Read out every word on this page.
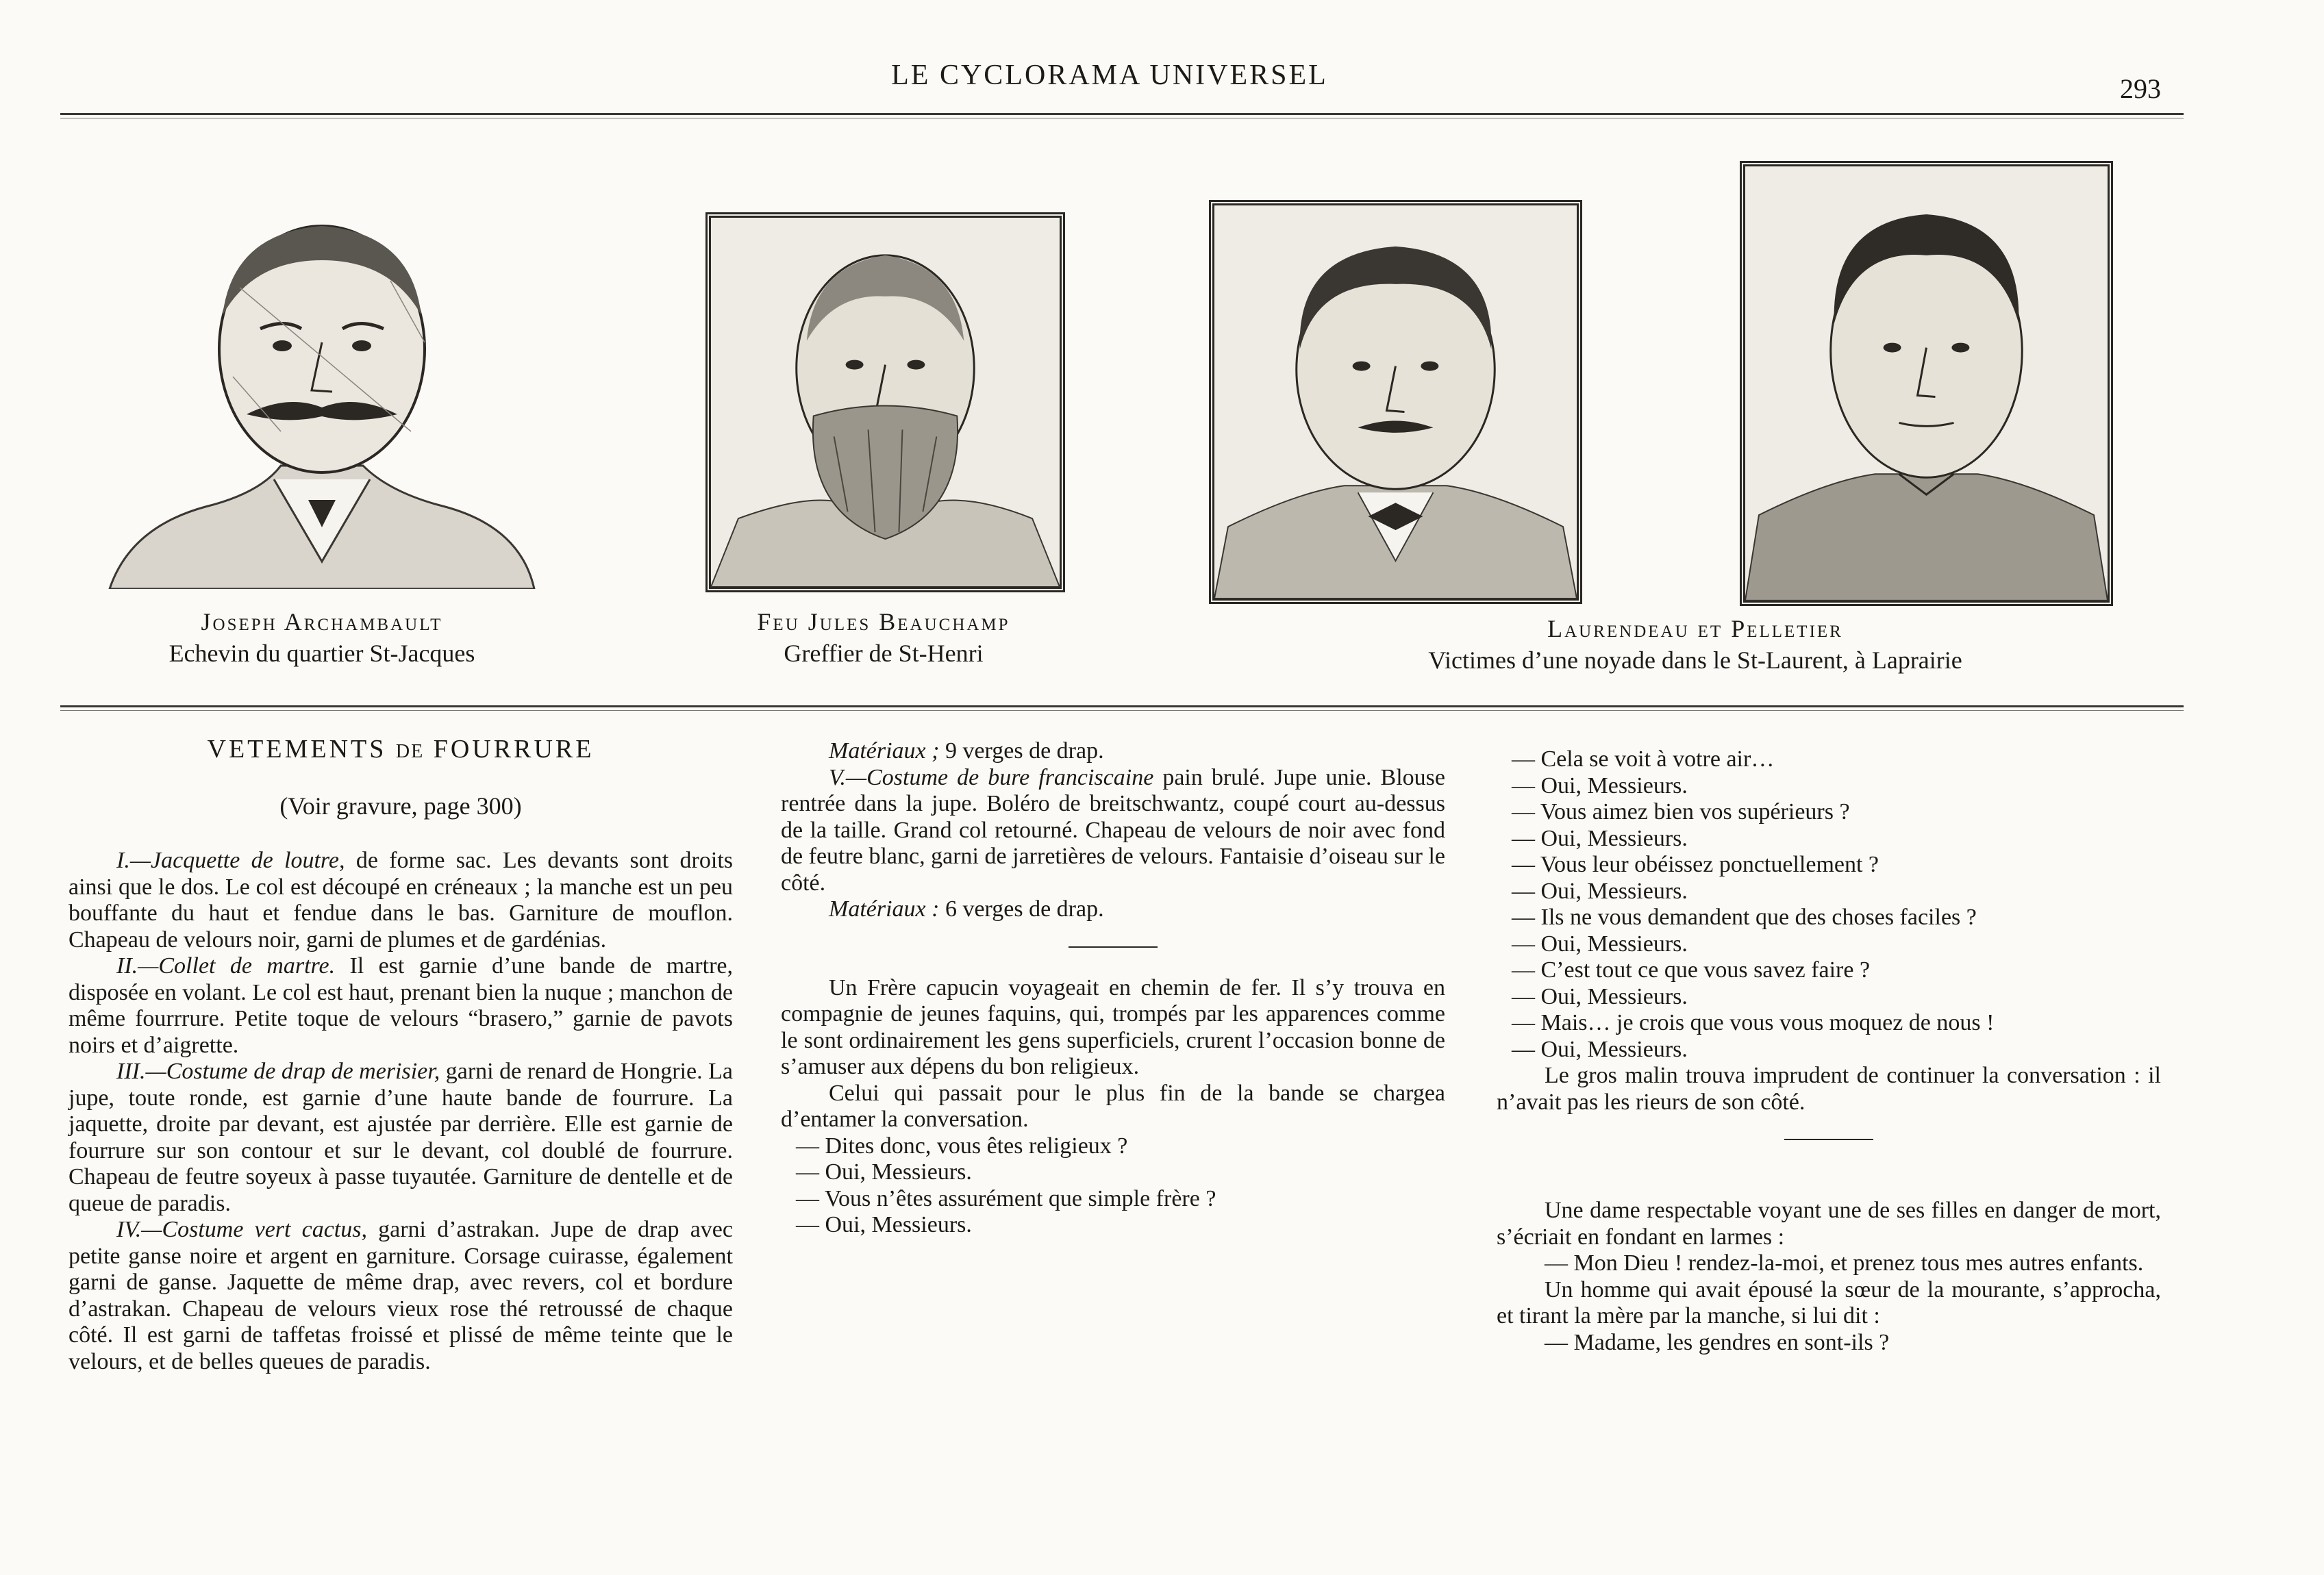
LE CYCLORAMA UNIVERSEL	293
Joseph Archambault
Echevin du quartier St-Jacques
Feu Jules Beauchamp
Greffier de St-Henri
Laurendeau et Pelletier
Victimes d’une noyade dans le St-Laurent, à Laprairie
VETEMENTS DE FOURRURE

(Voir gravure, page 300)

I.—Jacquette de loutre, de forme sac. Les devants sont droits ainsi que le dos. Le col est découpé en créneaux ; la manche est un peu bouffante du haut et fendue dans le bas. Garniture de mouflon. Chapeau de velours noir, garni de plumes et de gardénias.

II.—Collet de martre. Il est garnie d’une bande de martre, disposée en volant. Le col est haut, prenant bien la nuque ; manchon de même fourrrure. Petite toque de velours “brasero,” garnie de pavots noirs et d’aigrette.

III.—Costume de drap de merisier, garni de renard de Hongrie. La jupe, toute ronde, est garnie d’une haute bande de fourrure. La jaquette, droite par devant, est ajustée par derrière. Elle est garnie de fourrure sur son contour et sur le devant, col doublé de fourrure. Chapeau de feutre soyeux à passe tuyautée. Garniture de dentelle et de queue de paradis.

IV.—Costume vert cactus, garni d’astrakan. Jupe de drap avec petite ganse noire et argent en garniture. Corsage cuirasse, également garni de ganse. Jaquette de même drap, avec revers, col et bordure d’astrakan. Chapeau de velours vieux rose thé retroussé de chaque côté. Il est garni de taffetas froissé et plissé de même teinte que le velours, et de belles queues de paradis.

Matériaux ; 9 verges de drap.

V.—Costume de bure franciscaine pain brulé. Jupe unie. Blouse rentrée dans la jupe. Boléro de breitschwantz, coupé court au-dessus de la taille. Grand col retourné. Chapeau de velours de noir avec fond de feutre blanc, garni de jarretières de velours. Fantaisie d’oiseau sur le côté.

Matériaux : 6 verges de drap.

Un Frère capucin voyageait en chemin de fer. Il s’y trouva en compagnie de jeunes faquins, qui, trompés par les apparences comme le sont ordinairement les gens superficiels, crurent l’occasion bonne de s’amuser aux dépens du bon religieux.

Celui qui passait pour le plus fin de la bande se chargea d’entamer la conversation.

— Dites donc, vous êtes religieux ?

— Oui, Messieurs.

— Vous n’êtes assurément que simple frère ?

— Oui, Messieurs.

— Cela se voit à votre air…

— Oui, Messieurs.

— Vous aimez bien vos supérieurs ?

— Oui, Messieurs.

— Vous leur obéissez ponctuellement ?

— Oui, Messieurs.

— Ils ne vous demandent que des choses faciles ?

— Oui, Messieurs.

— C’est tout ce que vous savez faire ?

— Oui, Messieurs.

— Mais… je crois que vous vous moquez de nous !

— Oui, Messieurs.

Le gros malin trouva imprudent de continuer la conversation : il n’avait pas les rieurs de son côté.

Une dame respectable voyant une de ses filles en danger de mort, s’écriait en fondant en larmes :

— Mon Dieu ! rendez-la-moi, et prenez tous mes autres enfants.

Un homme qui avait épousé la sœur de la mourante, s’approcha, et tirant la mère par la manche, si lui dit :

— Madame, les gendres en sont-ils ?
